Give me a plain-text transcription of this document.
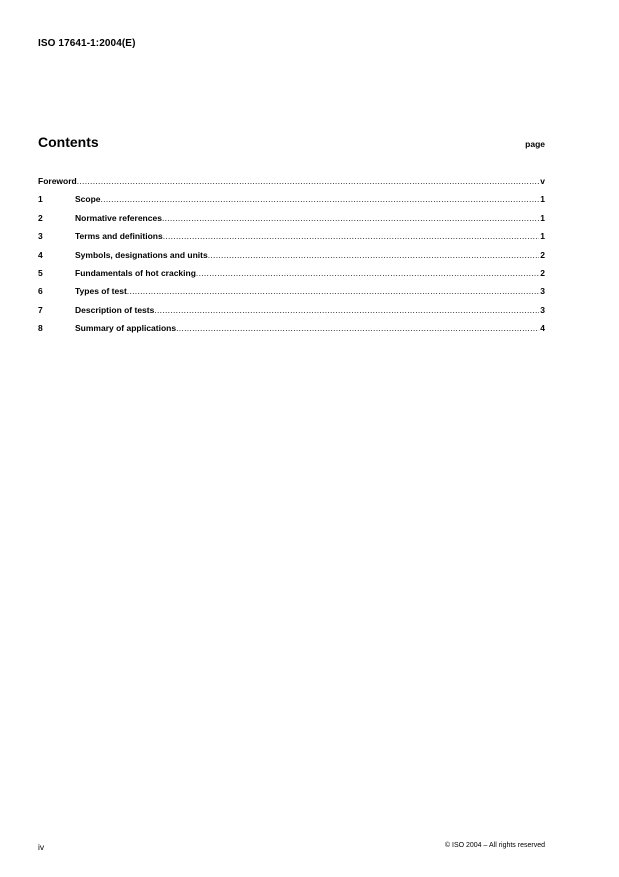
ISO 17641-1:2004(E)
Contents	page
Foreword .....	v
1	Scope .....	1
2	Normative references .....	1
3	Terms and definitions .....	1
4	Symbols, designations and units .....	2
5	Fundamentals of hot cracking .....	2
6	Types of test .....	3
7	Description of tests .....	3
8	Summary of applications .....	4
iv	© ISO 2004 – All rights reserved
